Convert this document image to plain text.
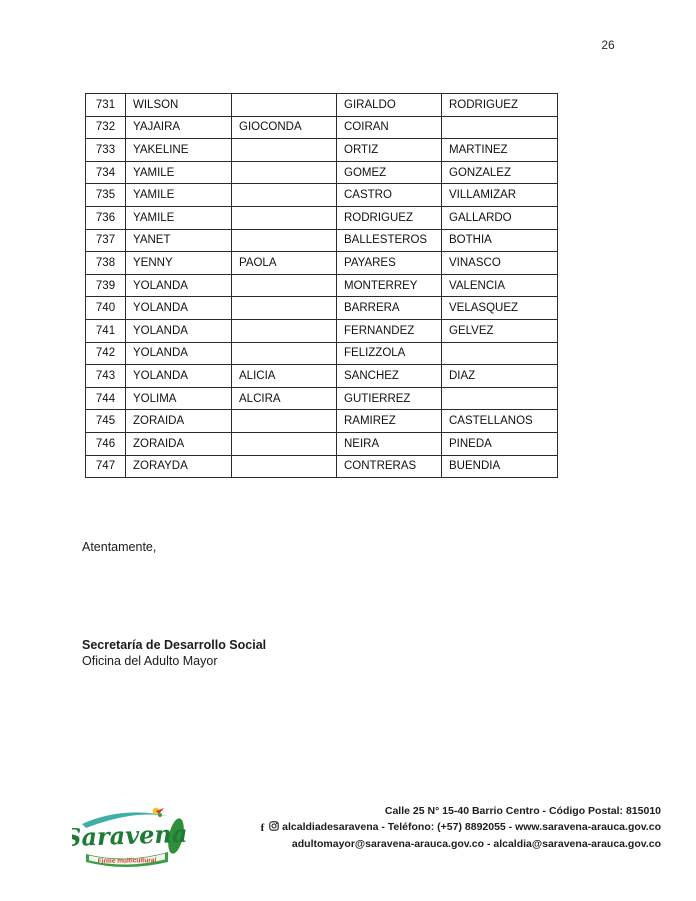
26
731	WILSON		GIRALDO	RODRIGUEZ
732	YAJAIRA	GIOCONDA	COIRAN	
733	YAKELINE		ORTIZ	MARTINEZ
734	YAMILE		GOMEZ	GONZALEZ
735	YAMILE		CASTRO	VILLAMIZAR
736	YAMILE		RODRIGUEZ	GALLARDO
737	YANET		BALLESTEROS	BOTHIA
738	YENNY	PAOLA	PAYARES	VINASCO
739	YOLANDA		MONTERREY	VALENCIA
740	YOLANDA		BARRERA	VELASQUEZ
741	YOLANDA		FERNANDEZ	GELVEZ
742	YOLANDA		FELIZZOLA	
743	YOLANDA	ALICIA	SANCHEZ	DIAZ
744	YOLIMA	ALCIRA	GUTIERREZ	
745	ZORAIDA		RAMIREZ	CASTELLANOS
746	ZORAIDA		NEIRA	PINEDA
747	ZORAYDA		CONTRERAS	BUENDIA
Atentamente,
Secretaría de Desarrollo Social
Oficina del Adulto Mayor
Saravena
Firme multicultural
Calle 25 N° 15-40 Barrio Centro - Código Postal: 815010
f alcaldiadesaravena - Teléfono: (+57) 8892055 - www.saravena-arauca.gov.co
adultomayor@saravena-arauca.gov.co - alcaldia@saravena-arauca.gov.co
